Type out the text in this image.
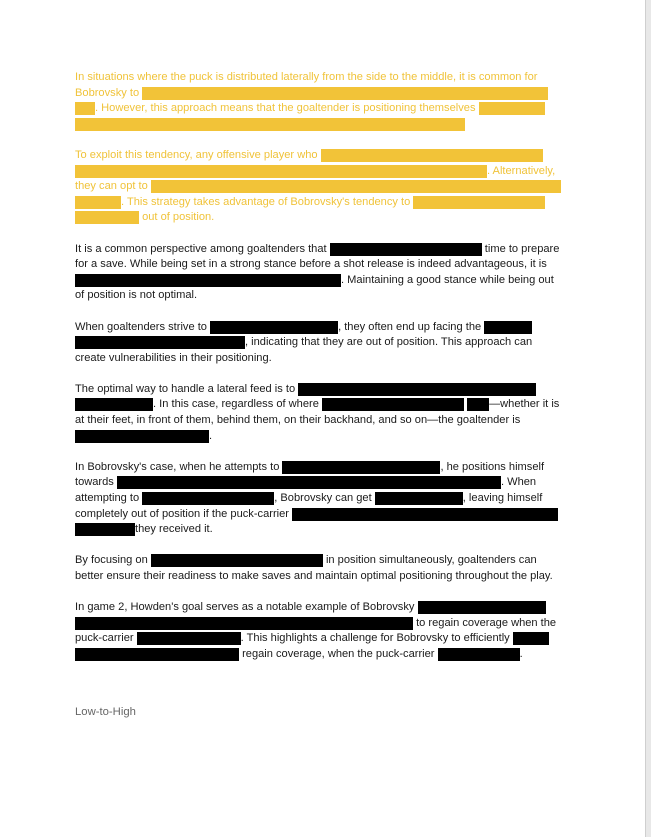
In situations where the puck is distributed laterally from the side to the middle, it is common for Bobrovsky to  . However, this approach means that the goaltender is positioning themselves
To exploit this tendency, any offensive player who  . Alternatively, they can opt to  . This strategy takes advantage of Bobrovsky's tendency to   out of position.
It is a common perspective among goaltenders that	time to prepare for a save. While being set in a strong stance before a shot release is indeed advantageous, it is . Maintaining a good stance while being out of position is not optimal.
When goaltenders strive to	, they often end up facing the  , indicating that they are out of position. This approach can create vulnerabilities in their positioning.
The optimal way to handle a lateral feed is to  . In this case, regardless of where	—whether it is at their feet, in front of them, behind them, on their backhand, and so on—the goaltender is .
In Bobrovsky's case, when he attempts to	, he positions himself towards	. When attempting to	, Bobrovsky can get	, leaving himself completely out of position if the puck-carrier  they received it.
By focusing on	in position simultaneously, goaltenders can better ensure their readiness to make saves and maintain optimal positioning throughout the play.
In game 2, Howden's goal serves as a notable example of Bobrovsky   to regain coverage when the puck-carrier	. This highlights a challenge for Bobrovsky to efficiently   regain coverage, when the puck-carrier	.
Low-to-High
